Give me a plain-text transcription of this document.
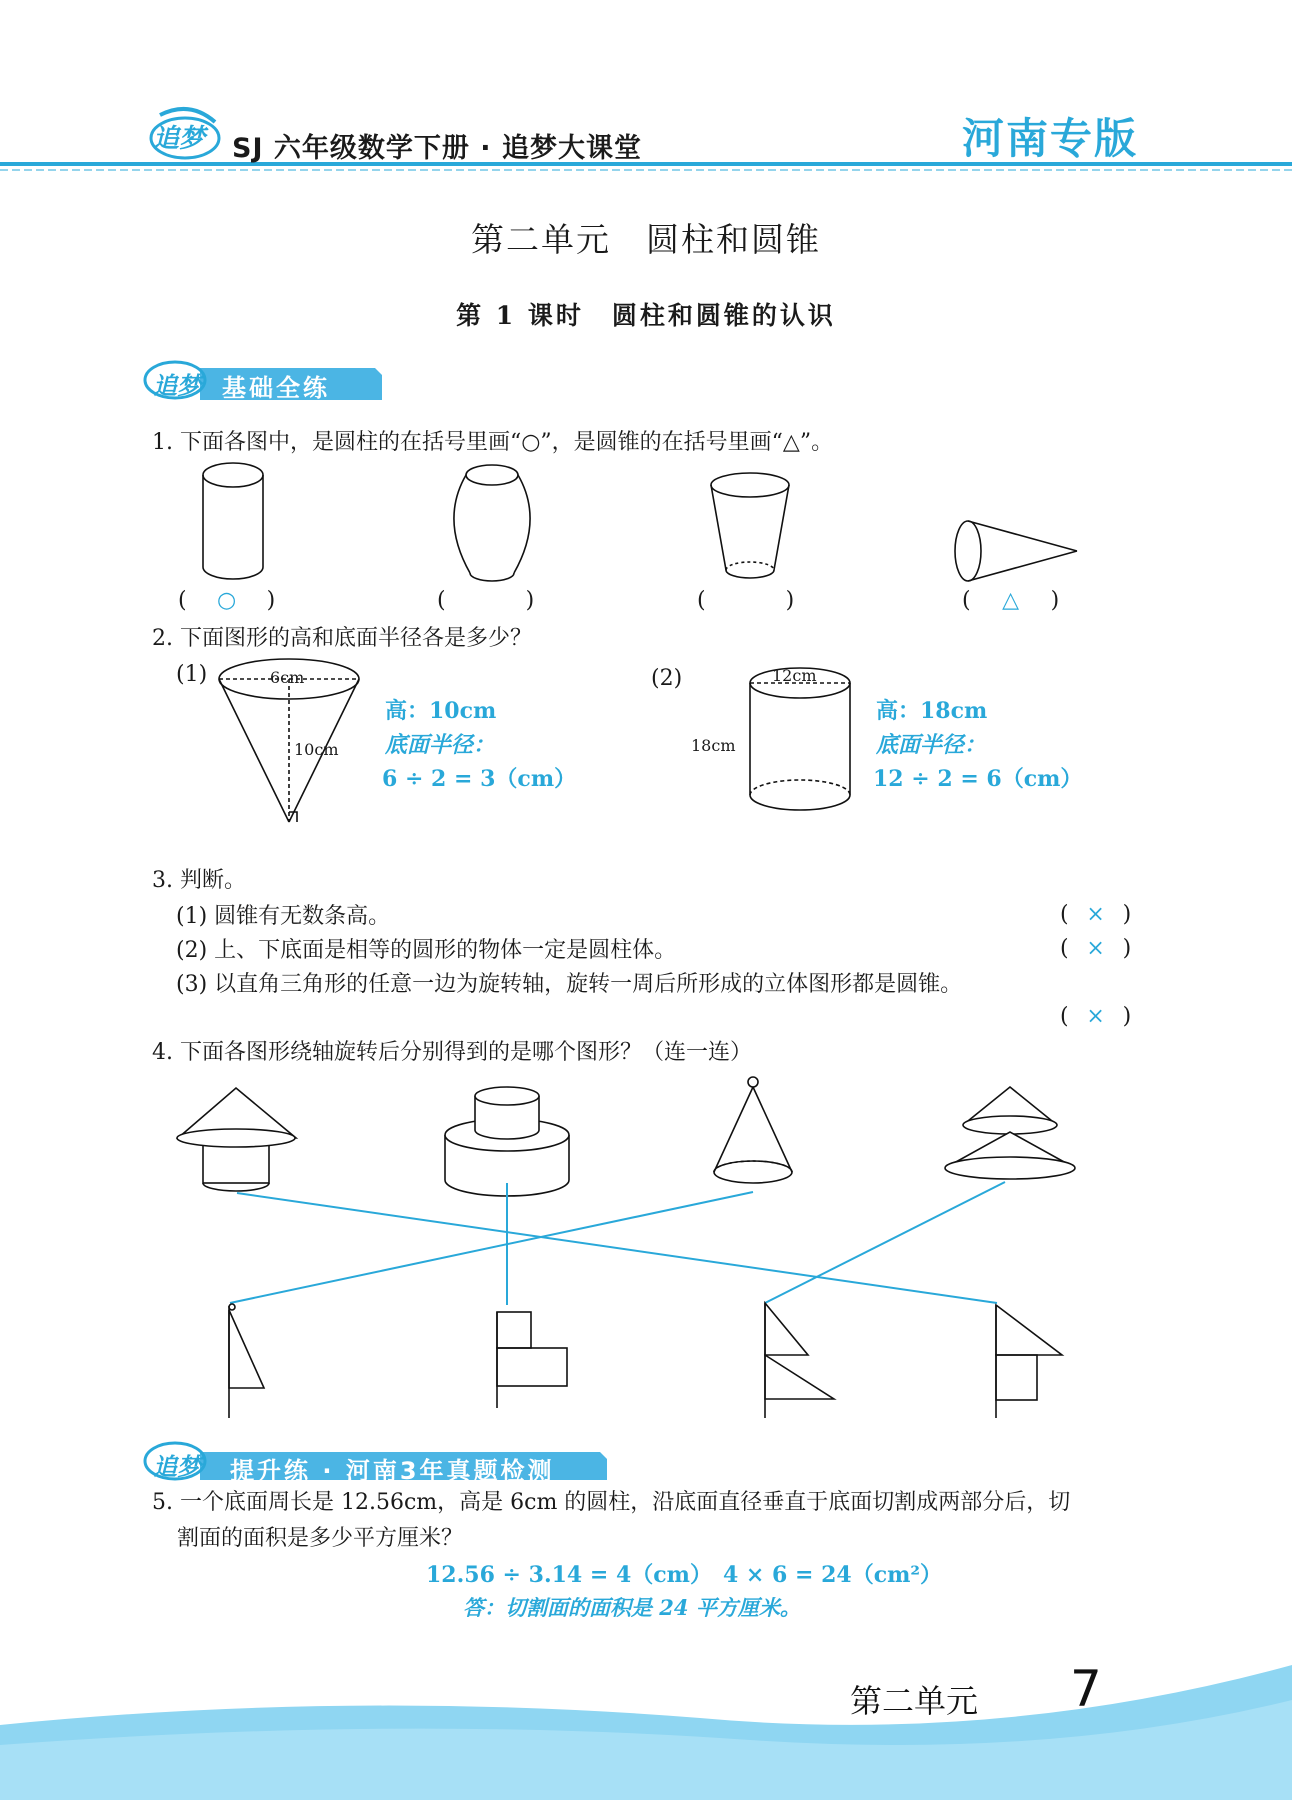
追梦 SJ 六年级数学下册 · 追梦大课堂	河南专版
第二单元　圆柱和圆锥
第 1 课时　圆柱和圆锥的认识
追梦 基础全练
1. 下面各图中，是圆柱的在括号里画“○”，是圆锥的在括号里画“△”。
( ○ )	(	)	(	)	( △ )
2. 下面图形的高和底面半径各是多少？
(1)	6cm
10cm
高：10cm
底面半径：
6 ÷ 2 = 3（cm）
(2)	12cm
18cm
高：18cm
底面半径：
12 ÷ 2 = 6（cm）
3. 判断。
(1) 圆锥有无数条高。	( × )
(2) 上、下底面是相等的圆形的物体一定是圆柱体。	( × )
(3) 以直角三角形的任意一边为旋转轴，旋转一周后所形成的立体图形都是圆锥。
( × )
4. 下面各图形绕轴旋转后分别得到的是哪个图形？（连一连）
追梦 提升练 · 河南3年真题检测
5. 一个底面周长是 12.56cm，高是 6cm 的圆柱，沿底面直径垂直于底面切割成两部分后，切
割面的面积是多少平方厘米？
12.56 ÷ 3.14 = 4（cm）　4 × 6 = 24（cm²）
答：切割面的面积是 24 平方厘米。
第二单元 7
